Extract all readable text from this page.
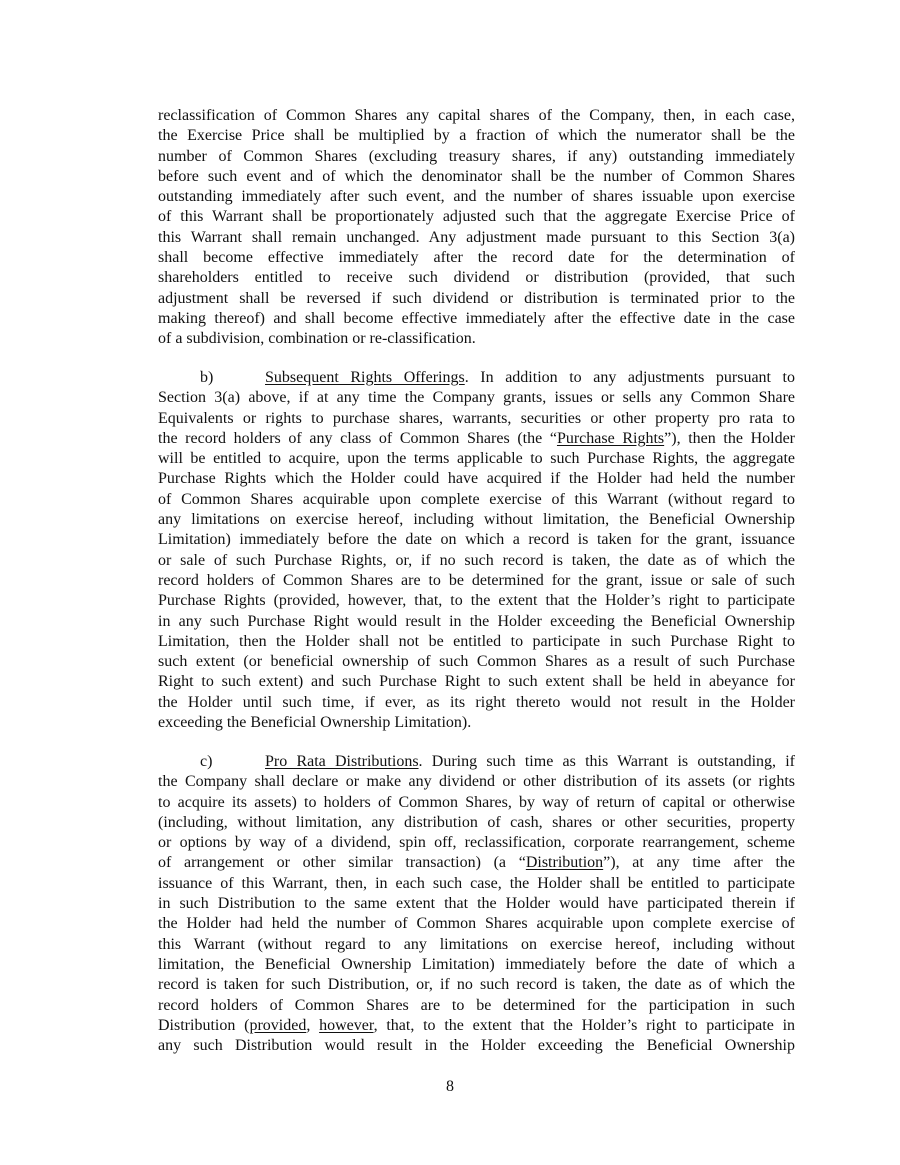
reclassification of Common Shares any capital shares of the Company, then, in each case,
the Exercise Price shall be multiplied by a fraction of which the numerator shall be the
number of Common Shares (excluding treasury shares, if any) outstanding immediately
before such event and of which the denominator shall be the number of Common Shares
outstanding immediately after such event, and the number of shares issuable upon exercise
of this Warrant shall be proportionately adjusted such that the aggregate Exercise Price of
this Warrant shall remain unchanged. Any adjustment made pursuant to this Section 3(a)
shall become effective immediately after the record date for the determination of
shareholders entitled to receive such dividend or distribution (provided, that such
adjustment shall be reversed if such dividend or distribution is terminated prior to the
making thereof) and shall become effective immediately after the effective date in the case
of a subdivision, combination or re-classification.
b)	Subsequent Rights Offerings. In addition to any adjustments pursuant to
Section 3(a) above, if at any time the Company grants, issues or sells any Common Share
Equivalents or rights to purchase shares, warrants, securities or other property pro rata to
the record holders of any class of Common Shares (the “Purchase Rights”), then the Holder
will be entitled to acquire, upon the terms applicable to such Purchase Rights, the aggregate
Purchase Rights which the Holder could have acquired if the Holder had held the number
of Common Shares acquirable upon complete exercise of this Warrant (without regard to
any limitations on exercise hereof, including without limitation, the Beneficial Ownership
Limitation) immediately before the date on which a record is taken for the grant, issuance
or sale of such Purchase Rights, or, if no such record is taken, the date as of which the
record holders of Common Shares are to be determined for the grant, issue or sale of such
Purchase Rights (provided, however, that, to the extent that the Holder’s right to participate
in any such Purchase Right would result in the Holder exceeding the Beneficial Ownership
Limitation, then the Holder shall not be entitled to participate in such Purchase Right to
such extent (or beneficial ownership of such Common Shares as a result of such Purchase
Right to such extent) and such Purchase Right to such extent shall be held in abeyance for
the Holder until such time, if ever, as its right thereto would not result in the Holder
exceeding the Beneficial Ownership Limitation).
c)	Pro Rata Distributions. During such time as this Warrant is outstanding, if
the Company shall declare or make any dividend or other distribution of its assets (or rights
to acquire its assets) to holders of Common Shares, by way of return of capital or otherwise
(including, without limitation, any distribution of cash, shares or other securities, property
or options by way of a dividend, spin off, reclassification, corporate rearrangement, scheme
of arrangement or other similar transaction) (a “Distribution”), at any time after the
issuance of this Warrant, then, in each such case, the Holder shall be entitled to participate
in such Distribution to the same extent that the Holder would have participated therein if
the Holder had held the number of Common Shares acquirable upon complete exercise of
this Warrant (without regard to any limitations on exercise hereof, including without
limitation, the Beneficial Ownership Limitation) immediately before the date of which a
record is taken for such Distribution, or, if no such record is taken, the date as of which the
record holders of Common Shares are to be determined for the participation in such
Distribution (provided, however, that, to the extent that the Holder’s right to participate in
any such Distribution would result in the Holder exceeding the Beneficial Ownership
8
